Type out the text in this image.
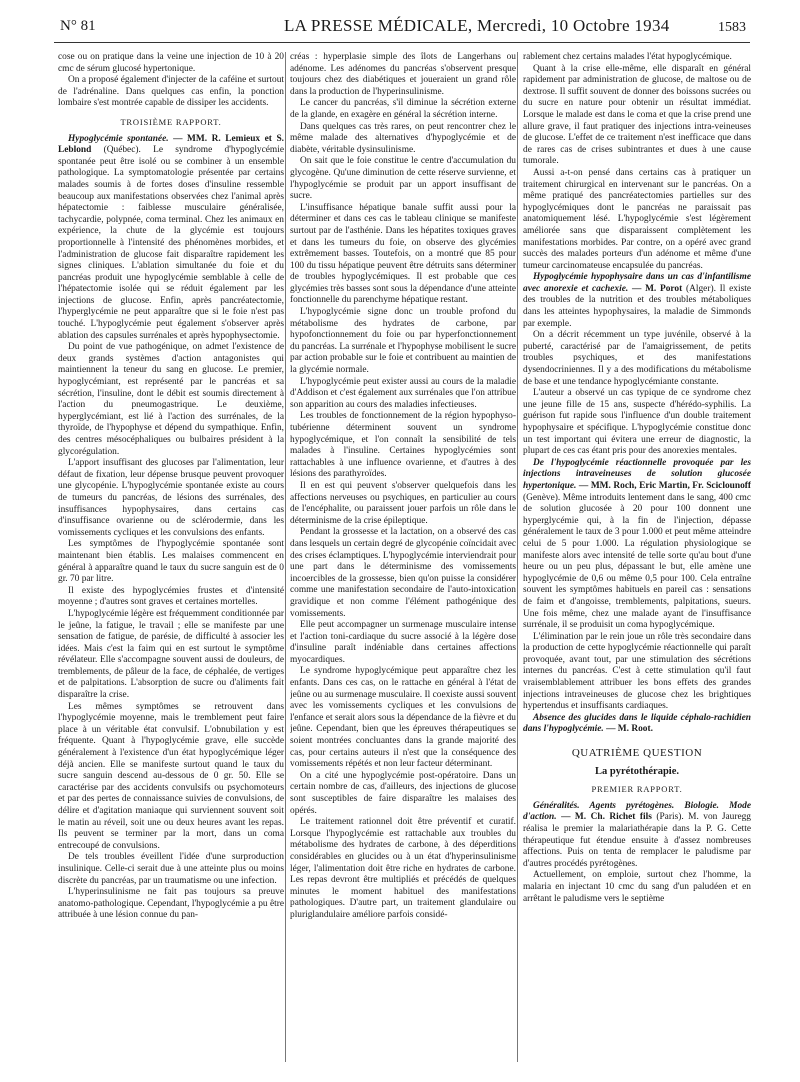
N° 81	LA PRESSE MÉDICALE, Mercredi, 10 Octobre 1934	1583

cose ou on pratique dans la veine une injection de 10 à 20 cmc de sérum glucosé hypertonique.

On a proposé également d'injecter de la caféine et surtout de l'adrénaline. Dans quelques cas enfin, la ponction lombaire s'est montrée capable de dissiper les accidents.

TROISIÈME RAPPORT.

Hypoglycémie spontanée. — MM. R. Lemieux et S. Leblond (Québec). Le syndrome d'hypoglycémie spontanée peut être isolé ou se combiner à un ensemble pathologique. La symptomatologie présentée par certains malades soumis à de fortes doses d'insuline ressemble beaucoup aux manifestations observées chez l'animal après hépatectomie : faiblesse musculaire généralisée, tachycardie, polypnée, coma terminal. Chez les animaux en expérience, la chute de la glycémie est toujours proportionnelle à l'intensité des phénomènes morbides, et l'administration de glucose fait disparaître rapidement les signes cliniques. L'ablation simultanée du foie et du pancréas produit une hypoglycémie semblable à celle de l'hépatectomie isolée qui se réduit également par les injections de glucose. Enfin, après pancréatectomie, l'hyperglycémie ne peut apparaître que si le foie n'est pas touché. L'hypoglycémie peut également s'observer après ablation des capsules surrénales et après hypophysectomie.

Du point de vue pathogénique, on admet l'existence de deux grands systèmes d'action antagonistes qui maintiennent la teneur du sang en glucose. Le premier, hypoglycémiant, est représenté par le pancréas et sa sécrétion, l'insuline, dont le débit est soumis directement à l'action du pneumogastrique. Le deuxième, hyperglycémiant, est lié à l'action des surrénales, de la thyroïde, de l'hypophyse et dépend du sympathique. Enfin, des centres mésocéphaliques ou bulbaires président à la glycorégulation.

L'apport insuffisant des glucoses par l'alimentation, leur défaut de fixation, leur dépense brusque peuvent provoquer une glycopénie. L'hypoglycémie spontanée existe au cours de tumeurs du pancréas, de lésions des surrénales, des insuffisances hypophysaires, dans certains cas d'insuffisance ovarienne ou de sclérodermie, dans les vomissements cycliques et les convulsions des enfants.

Les symptômes de l'hypoglycémie spontanée sont maintenant bien établis. Les malaises commencent en général à apparaître quand le taux du sucre sanguin est de 0 gr. 70 par litre.

Il existe des hypoglycémies frustes et d'intensité moyenne ; d'autres sont graves et certaines mortelles.

L'hypoglycémie légère est fréquemment conditionnée par le jeûne, la fatigue, le travail ; elle se manifeste par une sensation de fatigue, de parésie, de difficulté à associer les idées. Mais c'est la faim qui en est surtout le symptôme révélateur. Elle s'accompagne souvent aussi de douleurs, de tremblements, de pâleur de la face, de céphalée, de vertiges et de palpitations. L'absorption de sucre ou d'aliments fait disparaître la crise.

Les mêmes symptômes se retrouvent dans l'hypoglycémie moyenne, mais le tremblement peut faire place à un véritable état convulsif. L'obnubilation y est fréquente. Quant à l'hypoglycémie grave, elle succède généralement à l'existence d'un état hypoglycémique léger déjà ancien. Elle se manifeste surtout quand le taux du sucre sanguin descend au-dessous de 0 gr. 50. Elle se caractérise par des accidents convulsifs ou psychomoteurs et par des pertes de connaissance suivies de convulsions, de délire et d'agitation maniaque qui surviennent souvent soit le matin au réveil, soit une ou deux heures avant les repas. Ils peuvent se terminer par la mort, dans un coma entrecoupé de convulsions.

De tels troubles éveillent l'idée d'une surproduction insulinique. Celle-ci serait due à une atteinte plus ou moins discrète du pancréas, par un traumatisme ou une infection.

L'hyperinsulinisme ne fait pas toujours sa preuve anatomo-pathologique. Cependant, l'hypoglycémie a pu être attribuée à une lésion connue du pan-

créas : hyperplasie simple des îlots de Langerhans ou adénome. Les adénomes du pancréas s'observent presque toujours chez des diabétiques et joueraient un grand rôle dans la production de l'hyperinsulinisme.

Le cancer du pancréas, s'il diminue la sécrétion externe de la glande, en exagère en général la sécrétion interne.

Dans quelques cas très rares, on peut rencontrer chez le même malade des alternatives d'hypoglycémie et de diabète, véritable dysinsulinisme.

On sait que le foie constitue le centre d'accumulation du glycogène. Qu'une diminution de cette réserve survienne, et l'hypoglycémie se produit par un apport insuffisant de sucre.

L'insuffisance hépatique banale suffit aussi pour la déterminer et dans ces cas le tableau clinique se manifeste surtout par de l'asthénie. Dans les hépatites toxiques graves et dans les tumeurs du foie, on observe des glycémies extrêmement basses. Toutefois, on a montré que 85 pour 100 du tissu hépatique peuvent être détruits sans déterminer de troubles hypoglycémiques. Il est probable que ces glycémies très basses sont sous la dépendance d'une atteinte fonctionnelle du parenchyme hépatique restant.

L'hypoglycémie signe donc un trouble profond du métabolisme des hydrates de carbone, par hypofonctionnement du foie ou par hyperfonctionnement du pancréas. La surrénale et l'hypophyse mobilisent le sucre par action probable sur le foie et contribuent au maintien de la glycémie normale.

L'hypoglycémie peut exister aussi au cours de la maladie d'Addison et c'est également aux surrénales que l'on attribue son apparition au cours des maladies infectieuses.

Les troubles de fonctionnement de la région hypophyso-tubérienne déterminent souvent un syndrome hypoglycémique, et l'on connaît la sensibilité de tels malades à l'insuline. Certaines hypoglycémies sont rattachables à une influence ovarienne, et d'autres à des lésions des parathyroïdes.

Il en est qui peuvent s'observer quelquefois dans les affections nerveuses ou psychiques, en particulier au cours de l'encéphalite, ou paraissent jouer parfois un rôle dans le déterminisme de la crise épileptique.

Pendant la grossesse et la lactation, on a observé des cas dans lesquels un certain degré de glycopénie coïncidait avec des crises éclamptiques. L'hypoglycémie interviendrait pour une part dans le déterminisme des vomissements incoercibles de la grossesse, bien qu'on puisse la considérer comme une manifestation secondaire de l'auto-intoxication gravidique et non comme l'élément pathogénique des vomissements.

Elle peut accompagner un surmenage musculaire intense et l'action toni-cardiaque du sucre associé à la légère dose d'insuline paraît indéniable dans certaines affections myocardiques.

Le syndrome hypoglycémique peut apparaître chez les enfants. Dans ces cas, on le rattache en général à l'état de jeûne ou au surmenage musculaire. Il coexiste aussi souvent avec les vomissements cycliques et les convulsions de l'enfance et serait alors sous la dépendance de la fièvre et du jeûne. Cependant, bien que les épreuves thérapeutiques se soient montrées concluantes dans la grande majorité des cas, pour certains auteurs il n'est que la conséquence des vomissements répétés et non leur facteur déterminant.

On a cité une hypoglycémie post-opératoire. Dans un certain nombre de cas, d'ailleurs, des injections de glucose sont susceptibles de faire disparaître les malaises des opérés.

Le traitement rationnel doit être préventif et curatif. Lorsque l'hypoglycémie est rattachable aux troubles du métabolisme des hydrates de carbone, à des déperditions considérables en glucides ou à un état d'hyperinsulinisme léger, l'alimentation doit être riche en hydrates de carbone. Les repas devront être multipliés et précédés de quelques minutes le moment habituel des manifestations pathologiques. D'autre part, un traitement glandulaire ou pluriglandulaire améliore parfois considé-

rablement chez certains malades l'état hypoglycémique.

Quant à la crise elle-même, elle disparaît en général rapidement par administration de glucose, de maltose ou de dextrose. Il suffit souvent de donner des boissons sucrées ou du sucre en nature pour obtenir un résultat immédiat. Lorsque le malade est dans le coma et que la crise prend une allure grave, il faut pratiquer des injections intra-veineuses de glucose. L'effet de ce traitement n'est inefficace que dans de rares cas de crises subintrantes et dues à une cause tumorale.

Aussi a-t-on pensé dans certains cas à pratiquer un traitement chirurgical en intervenant sur le pancréas. On a même pratiqué des pancréatectomies partielles sur des hypoglycémiques dont le pancréas ne paraissait pas anatomiquement lésé. L'hypoglycémie s'est légèrement améliorée sans que disparaissent complètement les manifestations morbides. Par contre, on a opéré avec grand succès des malades porteurs d'un adénome et même d'une tumeur carcinomateuse encapsulée du pancréas.

Hypoglycémie hypophysaire dans un cas d'infantilisme avec anorexie et cachexie. — M. Porot (Alger). Il existe des troubles de la nutrition et des troubles métaboliques dans les atteintes hypophysaires, la maladie de Simmonds par exemple.

On a décrit récemment un type juvénile, observé à la puberté, caractérisé par de l'amaigrissement, de petits troubles psychiques, et des manifestations dysendocriniennes. Il y a des modifications du métabolisme de base et une tendance hypoglycémiante constante.

L'auteur a observé un cas typique de ce syndrome chez une jeune fille de 15 ans, suspecte d'hérédo-syphilis. La guérison fut rapide sous l'influence d'un double traitement hypophysaire et spécifique. L'hypoglycémie constitue donc un test important qui évitera une erreur de diagnostic, la plupart de ces cas étant pris pour des anorexies mentales.

De l'hypoglycémie réactionnelle provoquée par les injections intraveineuses de solution glucosée hypertonique. — MM. Roch, Eric Martin, Fr. Sciclounoff (Genève). Même introduits lentement dans le sang, 400 cmc de solution glucosée à 20 pour 100 donnent une hyperglycémie qui, à la fin de l'injection, dépasse généralement le taux de 3 pour 1.000 et peut même atteindre celui de 5 pour 1.000. La régulation physiologique se manifeste alors avec intensité de telle sorte qu'au bout d'une heure ou un peu plus, dépassant le but, elle amène une hypoglycémie de 0,6 ou même 0,5 pour 100. Cela entraîne souvent les symptômes habituels en pareil cas : sensations de faim et d'angoisse, tremblements, palpitations, sueurs. Une fois même, chez une malade ayant de l'insuffisance surrénale, il se produisit un coma hypoglycémique.

L'élimination par le rein joue un rôle très secondaire dans la production de cette hypoglycémie réactionnelle qui paraît provoquée, avant tout, par une stimulation des sécrétions internes du pancréas. C'est à cette stimulation qu'il faut vraisemblablement attribuer les bons effets des grandes injections intraveineuses de glucose chez les brightiques hypertendus et insuffisants cardiaques.

Absence des glucides dans le liquide céphalo-rachidien dans l'hypoglycémie. — M. Root.

QUATRIÈME QUESTION

La pyrétothérapie.

PREMIER RAPPORT.

Généralités. Agents pyrétogènes. Biologie. Mode d'action. — M. Ch. Richet fils (Paris). M. von Jauregg réalisa le premier la malariathérapie dans la P. G. Cette thérapeutique fut étendue ensuite à d'assez nombreuses affections. Puis on tenta de remplacer le paludisme par d'autres procédés pyrétogènes.

Actuellement, on emploie, surtout chez l'homme, la malaria en injectant 10 cmc du sang d'un paludéen et en arrêtant le paludisme vers le septième
